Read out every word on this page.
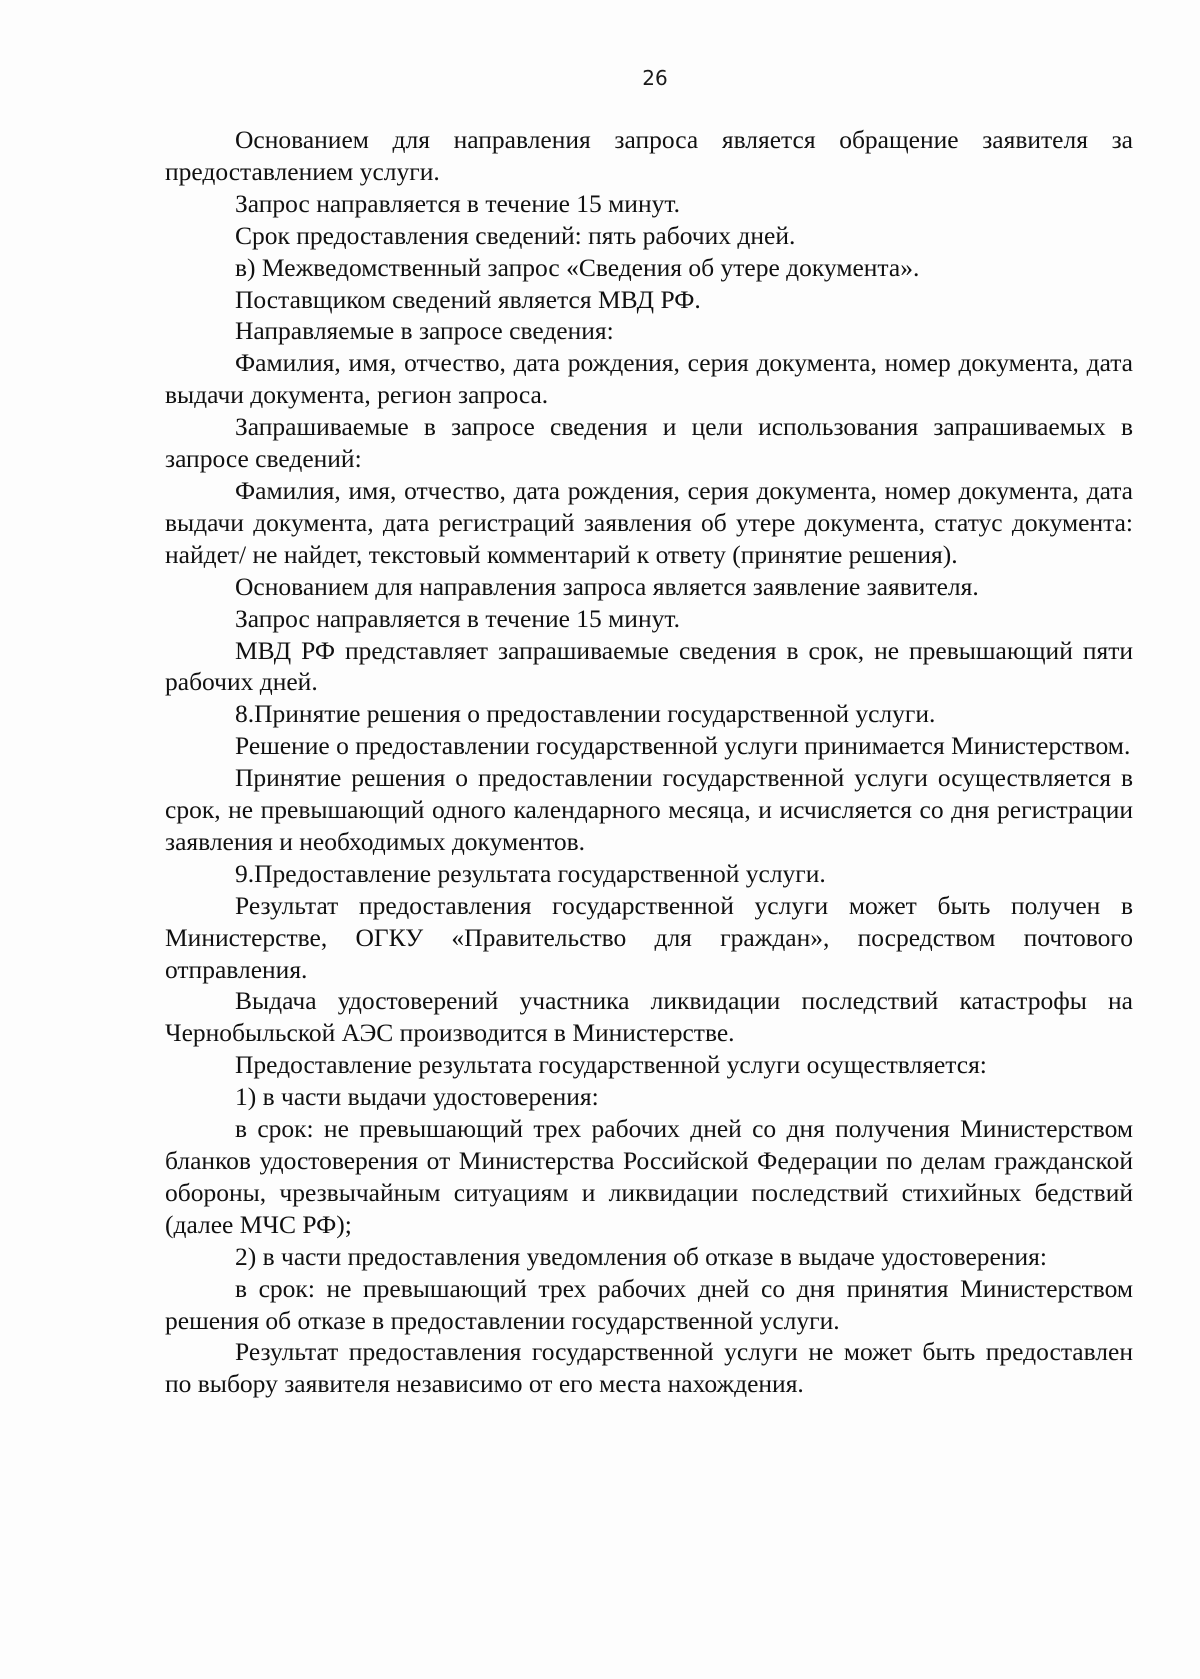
26

Основанием для направления запроса является обращение заявителя за предоставлением услуги.

Запрос направляется в течение 15 минут.

Срок предоставления сведений: пять рабочих дней.

в) Межведомственный запрос «Сведения об утере документа».

Поставщиком сведений является МВД РФ.

Направляемые в запросе сведения:

Фамилия, имя, отчество, дата рождения, серия документа, номер документа, дата выдачи документа, регион запроса.

Запрашиваемые в запросе сведения и цели использования запрашиваемых в запросе сведений:

Фамилия, имя, отчество, дата рождения, серия документа, номер документа, дата выдачи документа, дата регистраций заявления об утере документа, статус документа: найдет/ не найдет, текстовый комментарий к ответу (принятие решения).

Основанием для направления запроса является заявление заявителя.

Запрос направляется в течение 15 минут.

МВД РФ представляет запрашиваемые сведения в срок, не превышающий пяти рабочих дней.

8.Принятие решения о предоставлении государственной услуги.

Решение о предоставлении государственной услуги принимается Министерством.

Принятие решения о предоставлении государственной услуги осуществляется в срок, не превышающий одного календарного месяца, и исчисляется со дня регистрации заявления и необходимых документов.

9.Предоставление результата государственной услуги.

Результат предоставления государственной услуги может быть получен в Министерстве, ОГКУ «Правительство для граждан», посредством почтового отправления.

Выдача удостоверений участника ликвидации последствий катастрофы на Чернобыльской АЭС производится в Министерстве.

Предоставление результата государственной услуги осуществляется:

1) в части выдачи удостоверения:

в срок: не превышающий трех рабочих дней со дня получения Министерством бланков удостоверения от Министерства Российской Федерации по делам гражданской обороны, чрезвычайным ситуациям и ликвидации последствий стихийных бедствий (далее МЧС РФ);

2) в части предоставления уведомления об отказе в выдаче удостоверения:

в срок: не превышающий трех рабочих дней со дня принятия Министерством решения об отказе в предоставлении государственной услуги.

Результат предоставления государственной услуги не может быть предоставлен по выбору заявителя независимо от его места нахождения.
